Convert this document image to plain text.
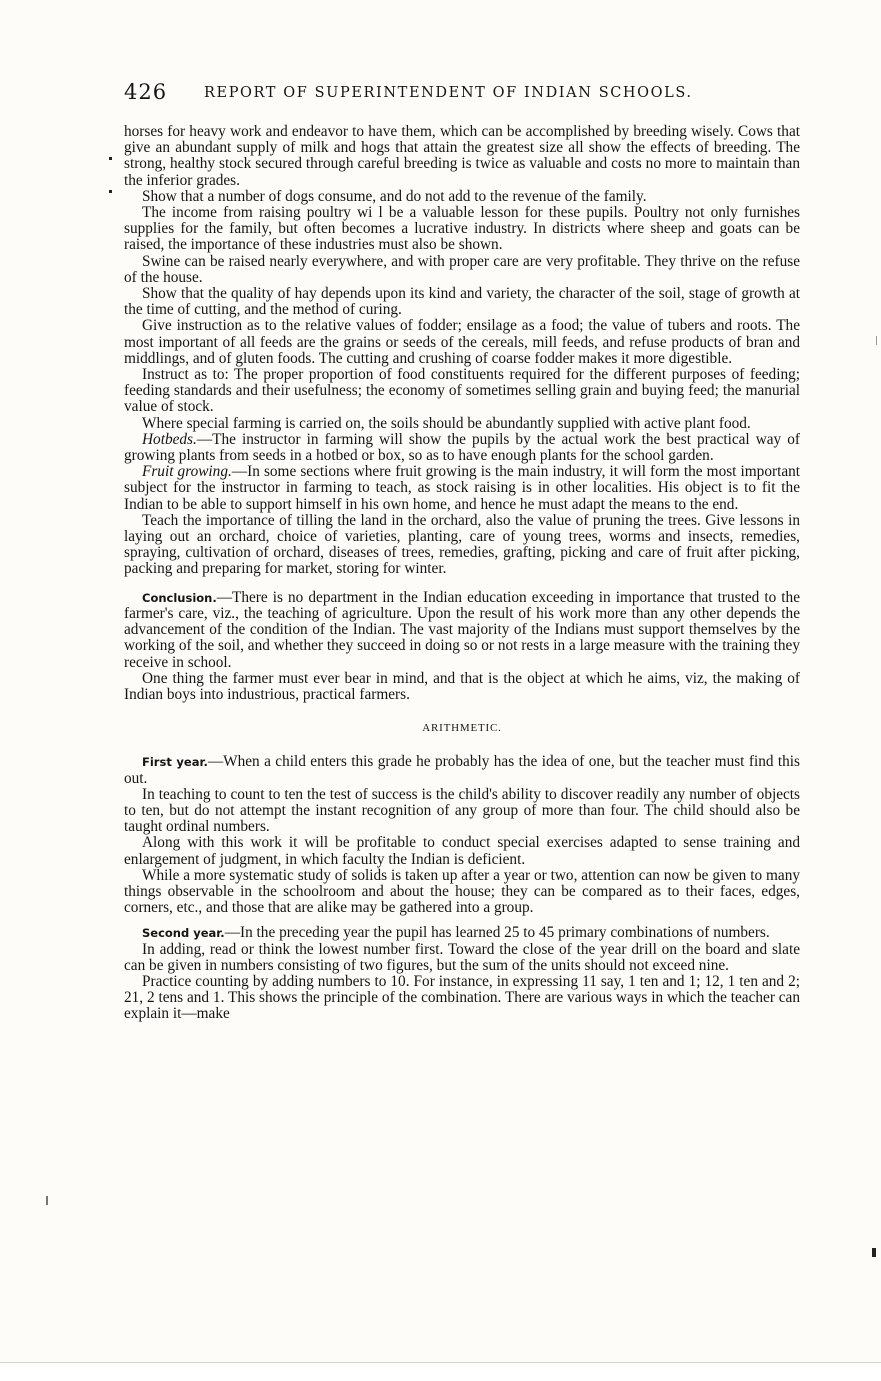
426	REPORT OF SUPERINTENDENT OF INDIAN SCHOOLS.

horses for heavy work and endeavor to have them, which can be accomplished by breeding wisely. Cows that give an abundant supply of milk and hogs that attain the greatest size all show the effects of breeding. The strong, healthy stock secured through careful breeding is twice as valuable and costs no more to maintain than the inferior grades.

Show that a number of dogs consume, and do not add to the revenue of the family.

The income from raising poultry wi l be a valuable lesson for these pupils. Poultry not only furnishes supplies for the family, but often becomes a lucrative industry. In districts where sheep and goats can be raised, the importance of these industries must also be shown.

Swine can be raised nearly everywhere, and with proper care are very profitable. They thrive on the refuse of the house.

Show that the quality of hay depends upon its kind and variety, the character of the soil, stage of growth at the time of cutting, and the method of curing.

Give instruction as to the relative values of fodder; ensilage as a food; the value of tubers and roots. The most important of all feeds are the grains or seeds of the cereals, mill feeds, and refuse products of bran and middlings, and of gluten foods. The cutting and crushing of coarse fodder makes it more digestible.

Instruct as to: The proper proportion of food constituents required for the different purposes of feeding; feeding standards and their usefulness; the economy of sometimes selling grain and buying feed; the manurial value of stock.

Where special farming is carried on, the soils should be abundantly supplied with active plant food.

Hotbeds.—The instructor in farming will show the pupils by the actual work the best practical way of growing plants from seeds in a hotbed or box, so as to have enough plants for the school garden.

Fruit growing.—In some sections where fruit growing is the main industry, it will form the most important subject for the instructor in farming to teach, as stock raising is in other localities. His object is to fit the Indian to be able to support himself in his own home, and hence he must adapt the means to the end.

Teach the importance of tilling the land in the orchard, also the value of pruning the trees. Give lessons in laying out an orchard, choice of varieties, planting, care of young trees, worms and insects, remedies, spraying, cultivation of orchard, diseases of trees, remedies, grafting, picking and care of fruit after picking, packing and preparing for market, storing for winter.

Conclusion.—There is no department in the Indian education exceeding in importance that trusted to the farmer's care, viz., the teaching of agriculture. Upon the result of his work more than any other depends the advancement of the condition of the Indian. The vast majority of the Indians must support themselves by the working of the soil, and whether they succeed in doing so or not rests in a large measure with the training they receive in school.

One thing the farmer must ever bear in mind, and that is the object at which he aims, viz, the making of Indian boys into industrious, practical farmers.

ARITHMETIC.

First year.—When a child enters this grade he probably has the idea of one, but the teacher must find this out.

In teaching to count to ten the test of success is the child's ability to discover readily any number of objects to ten, but do not attempt the instant recognition of any group of more than four. The child should also be taught ordinal numbers.

Along with this work it will be profitable to conduct special exercises adapted to sense training and enlargement of judgment, in which faculty the Indian is deficient.

While a more systematic study of solids is taken up after a year or two, attention can now be given to many things observable in the schoolroom and about the house; they can be compared as to their faces, edges, corners, etc., and those that are alike may be gathered into a group.

Second year.—In the preceding year the pupil has learned 25 to 45 primary combinations of numbers.

In adding, read or think the lowest number first. Toward the close of the year drill on the board and slate can be given in numbers consisting of two figures, but the sum of the units should not exceed nine.

Practice counting by adding numbers to 10. For instance, in expressing 11 say, 1 ten and 1; 12, 1 ten and 2; 21, 2 tens and 1. This shows the principle of the combination. There are various ways in which the teacher can explain it—make
